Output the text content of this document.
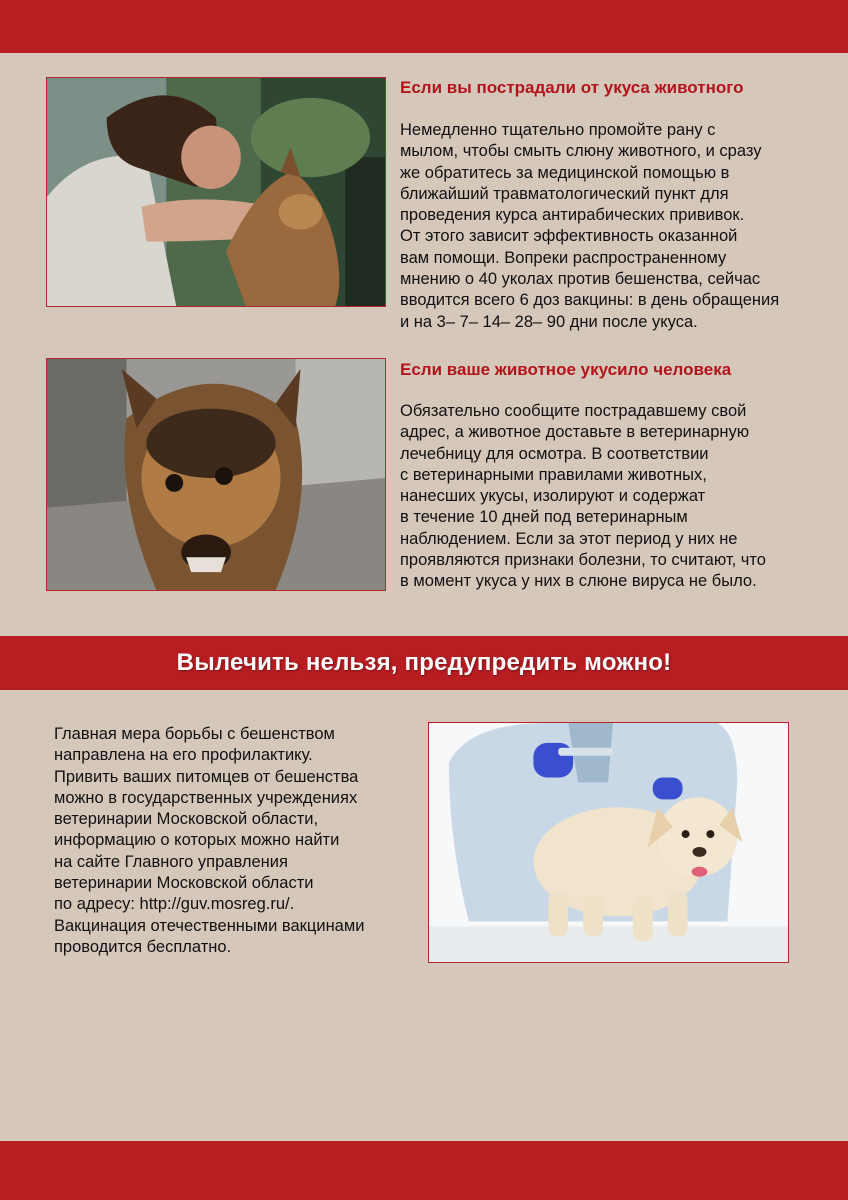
Если вы пострадали от укуса животного
Немедленно тщательно промойте рану с
мылом, чтобы смыть слюну животного, и сразу
же обратитесь за медицинской помощью в
ближайший травматологический пункт для
проведения курса антирабических прививок.
От этого зависит эффективность оказанной
вам помощи. Вопреки распространенному
мнению о 40 уколах против бешенства, сейчас
вводится всего 6 доз вакцины: в день обращения
и на 3– 7– 14– 28– 90 дни после укуса.
Если ваше животное укусило человека
Обязательно сообщите пострадавшему свой
адрес, а животное доставьте в ветеринарную
лечебницу для осмотра. В соответствии
с ветеринарными правилами животных,
нанесших укусы, изолируют и содержат
в течение 10 дней под ветеринарным
наблюдением. Если за этот период у них не
проявляются признаки болезни, то считают, что
в момент укуса у них в слюне вируса не было.
Вылечить нельзя, предупредить можно!
Главная мера борьбы с бешенством
направлена на его профилактику.
Привить ваших питомцев от бешенства
можно в государственных учреждениях
ветеринарии Московской области,
информацию о которых можно найти
на сайте Главного управления
ветеринарии Московской области
по адресу: http://guv.mosreg.ru/.
Вакцинация отечественными вакцинами
проводится бесплатно.
